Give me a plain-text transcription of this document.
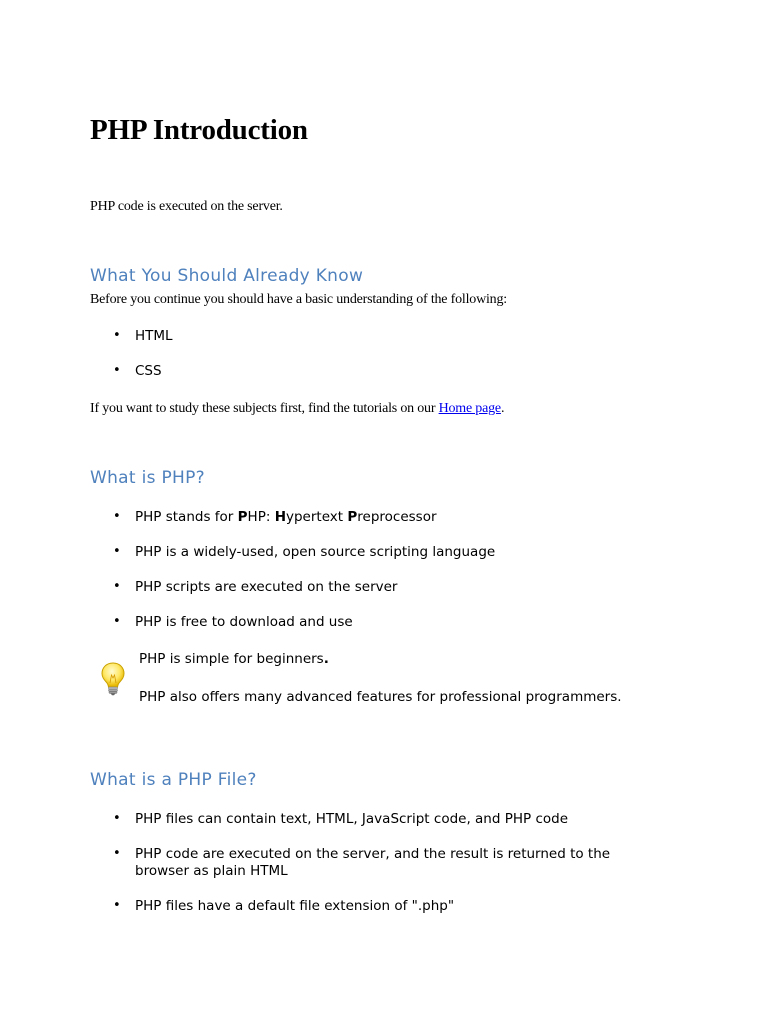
PHP Introduction

PHP code is executed on the server.

What You Should Already Know

Before you continue you should have a basic understanding of the following:

• HTML
• CSS

If you want to study these subjects first, find the tutorials on our Home page.

What is PHP?
• PHP stands for PHP: Hypertext Preprocessor
• PHP is a widely-used, open source scripting language
• PHP scripts are executed on the server
• PHP is free to download and use
PHP is simple for beginners.
PHP also offers many advanced features for professional programmers.
What is a PHP File?
• PHP files can contain text, HTML, JavaScript code, and PHP code
• PHP code are executed on the server, and the result is returned to the browser as plain HTML
• PHP files have a default file extension of ".php"
